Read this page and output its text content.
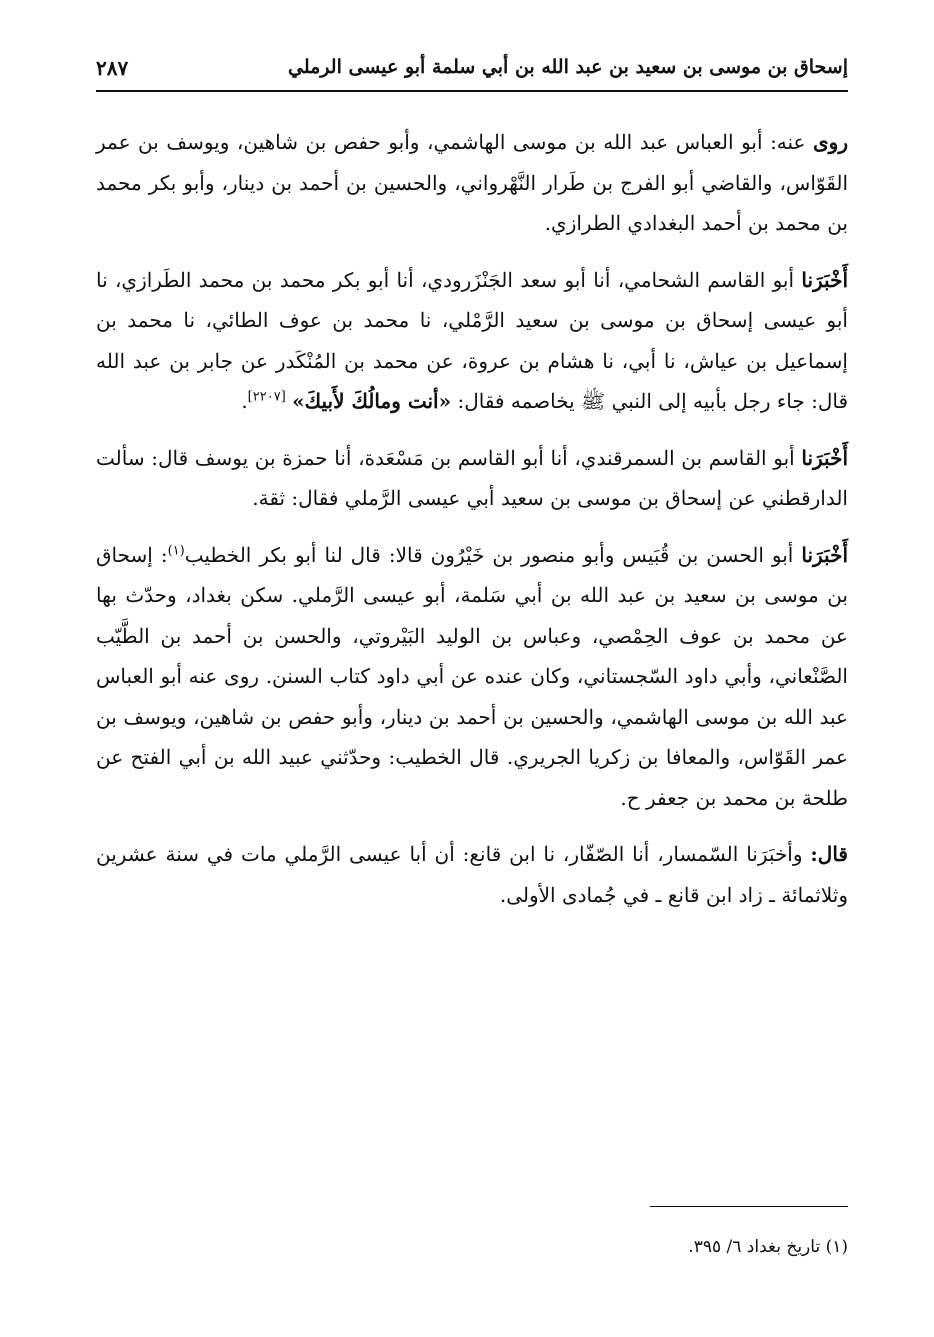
إسحاق بن موسى بن سعيد بن عبد الله بن أبي سلمة أبو عيسى الرملي
٢٨٧

روى عنه: أبو العباس عبد الله بن موسى الهاشمي، وأبو حفص بن شاهين، ويوسف بن عمر القَوّاس، والقاضي أبو الفرج بن طَرار النَّهْرواني، والحسين بن أحمد بن دينار، وأبو بكر محمد بن محمد بن أحمد البغدادي الطرازي.

أَخْبَرَنا أبو القاسم الشحامي، أنا أبو سعد الجَنْزَرودي، أنا أبو بكر محمد بن محمد الطَرازي، نا أبو عيسى إسحاق بن موسى بن سعيد الرَّمْلي، نا محمد بن عوف الطائي، نا محمد بن إسماعيل بن عياش، نا أبي، نا هشام بن عروة، عن محمد بن المُنْكَدر عن جابر بن عبد الله قال: جاء رجل بأبيه إلى النبي ﷺ يخاصمه فقال: «أنت ومالُكَ لأَبيكَ» [٢٢٠٧].

أَخْبَرَنا أبو القاسم بن السمرقندي، أنا أبو القاسم بن مَسْعَدة، أنا حمزة بن يوسف قال: سألت الدارقطني عن إسحاق بن موسى بن سعيد أبي عيسى الرَّملي فقال: ثقة.

أَخْبَرَنا أبو الحسن بن قُبَيس وأبو منصور بن خَيْرُون قالا: قال لنا أبو بكر الخطيب$^{(١)}$: إسحاق بن موسى بن سعيد بن عبد الله بن أبي سَلمة، أبو عيسى الرَّملي. سكن بغداد، وحدّث بها عن محمد بن عوف الحِمْصي، وعباس بن الوليد البَيْروتي، والحسن بن أحمد بن الطَّيّب الصَّنْعاني، وأبي داود السّجستاني، وكان عنده عن أبي داود كتاب السنن. روى عنه أبو العباس عبد الله بن موسى الهاشمي، والحسين بن أحمد بن دينار، وأبو حفص بن شاهين، ويوسف بن عمر القَوّاس، والمعافا بن زكريا الجريري. قال الخطيب: وحدّثني عبيد الله بن أبي الفتح عن طلحة بن محمد بن جعفر ح.

قال: وأخبَرَنا السّمسار، أنا الصّفّار، نا ابن قانع: أن أبا عيسى الرَّملي مات في سنة عشرين وثلاثمائة ـ زاد ابن قانع ـ في جُمادى الأولى.

(١) تاريخ بغداد ٦/ ٣٩٥.
